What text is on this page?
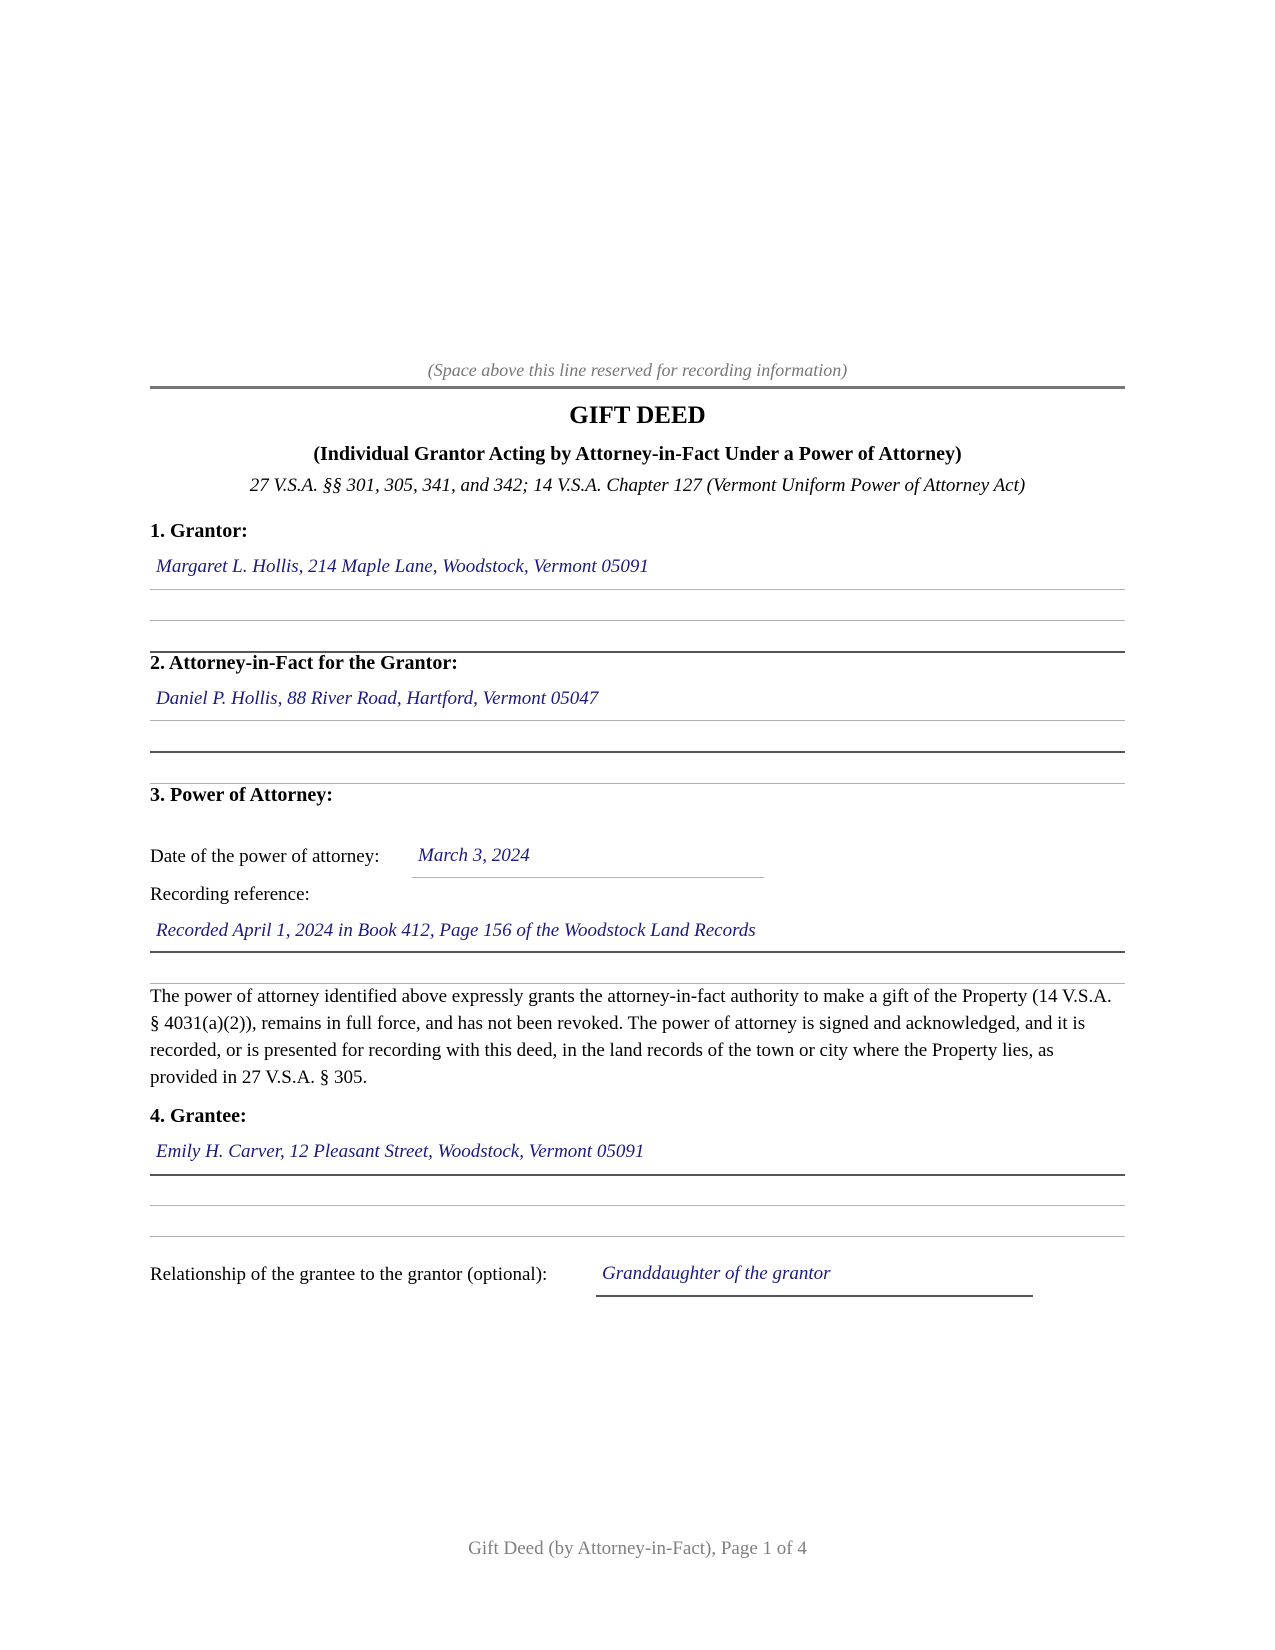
(Space above this line reserved for recording information)
GIFT DEED
(Individual Grantor Acting by Attorney-in-Fact Under a Power of Attorney)
27 V.S.A. §§ 301, 305, 341, and 342; 14 V.S.A. Chapter 127 (Vermont Uniform Power of Attorney Act)
1. Grantor:
Margaret L. Hollis, 214 Maple Lane, Woodstock, Vermont 05091
2. Attorney-in-Fact for the Grantor:
Daniel P. Hollis, 88 River Road, Hartford, Vermont 05047
3. Power of Attorney:
Date of the power of attorney:	March 3, 2024
Recording reference:
Recorded April 1, 2024 in Book 412, Page 156 of the Woodstock Land Records
The power of attorney identified above expressly grants the attorney-in-fact authority to make a gift of the Property (14 V.S.A. § 4031(a)(2)), remains in full force, and has not been revoked. The power of attorney is signed and acknowledged, and it is recorded, or is presented for recording with this deed, in the land records of the town or city where the Property lies, as provided in 27 V.S.A. § 305.
4. Grantee:
Emily H. Carver, 12 Pleasant Street, Woodstock, Vermont 05091
Relationship of the grantee to the grantor (optional):	Granddaughter of the grantor
Gift Deed (by Attorney-in-Fact), Page 1 of 4
